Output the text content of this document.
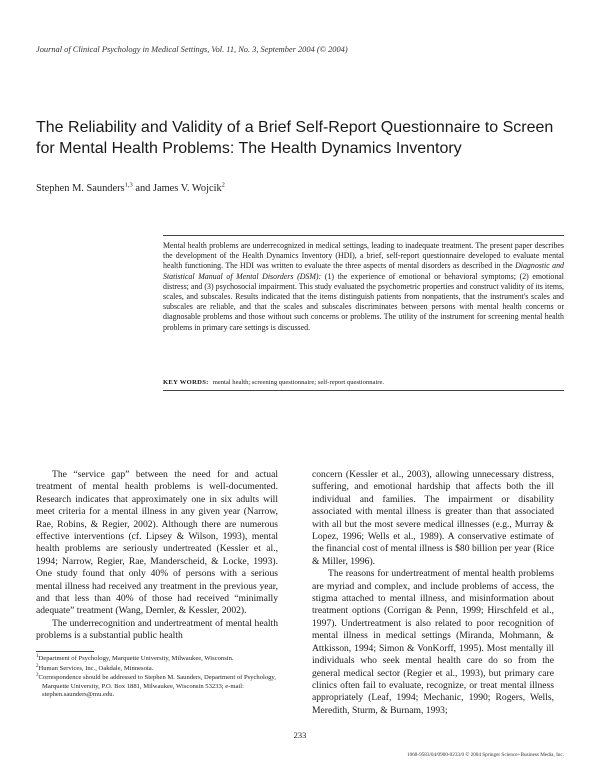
Journal of Clinical Psychology in Medical Settings, Vol. 11, No. 3, September 2004 (© 2004)
The Reliability and Validity of a Brief Self-Report Questionnaire to Screen
for Mental Health Problems: The Health Dynamics Inventory
Stephen M. Saunders$^{1,3}$ and James V. Wojcik$^2$
Mental health problems are underrecognized in medical settings, leading to inadequate treatment. The present paper describes the development of the Health Dynamics Inventory (HDI), a brief, self-report questionnaire developed to evaluate mental health functioning. The HDI was written to evaluate the three aspects of mental disorders as described in the Diagnostic and Statistical Manual of Mental Disorders (DSM): (1) the experience of emotional or behavioral symptoms; (2) emotional distress; and (3) psychosocial impairment. This study evaluated the psychometric properties and construct validity of its items, scales, and subscales. Results indicated that the items distinguish patients from nonpatients, that the instrument's scales and subscales are reliable, and that the scales and subscales discriminates between persons with mental health concerns or diagnosable problems and those without such concerns or problems. The utility of the instrument for screening mental health problems in primary care settings is discussed.
KEY WORDS: mental health; screening questionnaire; self-report questionnaire.

The “service gap” between the need for and actual treatment of mental health problems is well-documented. Research indicates that approximately one in six adults will meet criteria for a mental illness in any given year (Narrow, Rae, Robins, & Regier, 2002). Although there are numerous effective interventions (cf. Lipsey & Wilson, 1993), mental health problems are seriously undertreated (Kessler et al., 1994; Narrow, Regier, Rae, Manderscheid, & Locke, 1993). One study found that only 40% of persons with a serious mental illness had received any treatment in the previous year, and that less than 40% of those had received “minimally adequate” treatment (Wang, Demler, & Kessler, 2002).

The underrecognition and undertreatment of mental health problems is a substantial public health

concern (Kessler et al., 2003), allowing unnecessary distress, suffering, and emotional hardship that affects both the ill individual and families. The impairment or disability associated with mental illness is greater than that associated with all but the most severe medical illnesses (e.g., Murray & Lopez, 1996; Wells et al., 1989). A conservative estimate of the financial cost of mental illness is $80 billion per year (Rice & Miller, 1996).

The reasons for undertreatment of mental health problems are myriad and complex, and include problems of access, the stigma attached to mental illness, and misinformation about treatment options (Corrigan & Penn, 1999; Hirschfeld et al., 1997). Undertreatment is also related to poor recognition of mental illness in medical settings (Miranda, Mohmann, & Attkisson, 1994; Simon & VonKorff, 1995). Most mentally ill individuals who seek mental health care do so from the general medical sector (Regier et al., 1993), but primary care clinics often fail to evaluate, recognize, or treat mental illness appropriately (Leaf, 1994; Mechanic, 1990; Rogers, Wells, Meredith, Sturm, & Burnam, 1993;

$^1$Department of Psychology, Marquette University, Milwaukee, Wisconsin.
$^2$Human Services, Inc., Oakdale, Minnesota.
$^3$Correspondence should be addressed to Stephen M. Saunders, Department of Psychology, Marquette University, P.O. Box 1881, Milwaukee, Wisconsin 53233; e-mail: stephen.saunders@mu.edu.
233
1068-9583/04/0900-0233/0 © 2004 Springer Science+Business Media, Inc.
